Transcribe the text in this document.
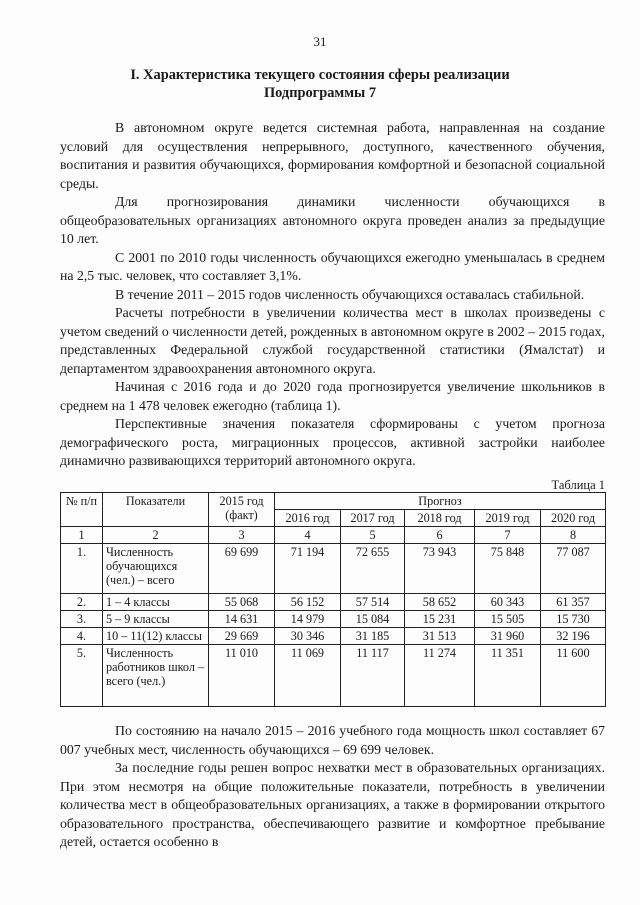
31
I. Характеристика текущего состояния сферы реализации
Подпрограммы 7

В автономном округе ведется системная работа, направленная на создание условий для осуществления непрерывного, доступного, качественного обучения, воспитания и развития обучающихся, формирования комфортной и безопасной социальной среды.

Для прогнозирования динамики численности обучающихся в общеобразовательных организациях автономного округа проведен анализ за предыдущие 10 лет.

С 2001 по 2010 годы численность обучающихся ежегодно уменьшалась в среднем на 2,5 тыс. человек, что составляет 3,1%.

В течение 2011 – 2015 годов численность обучающихся оставалась стабильной.

Расчеты потребности в увеличении количества мест в школах произведены с учетом сведений о численности детей, рожденных в автономном округе в 2002 – 2015 годах, представленных Федеральной службой государственной статистики (Ямалстат) и департаментом здравоохранения автономного округа.

Начиная с 2016 года и до 2020 года прогнозируется увеличение школьников в среднем на 1 478 человек ежегодно (таблица 1).

Перспективные значения показателя сформированы с учетом прогноза демографического роста, миграционных процессов, активной застройки наиболее динамично развивающихся территорий автономного округа.

Таблица 1
№ п/п	Показатели	2015 год (факт)	Прогноз				
			2016 год	2017 год	2018 год	2019 год	2020 год
1	2	3	4	5	6	7	8
1.	Численность обучающихся (чел.) – всего	69 699	71 194	72 655	73 943	75 848	77 087
2.	1 – 4 классы	55 068	56 152	57 514	58 652	60 343	61 357
3.	5 – 9 классы	14 631	14 979	15 084	15 231	15 505	15 730
4.	10 – 11(12) классы	29 669	30 346	31 185	31 513	31 960	32 196
5.	Численность работников школ – всего (чел.)	11 010	11 069	11 117	11 274	11 351	11 600

По состоянию на начало 2015 – 2016 учебного года мощность школ составляет 67 007 учебных мест, численность обучающихся – 69 699 человек.

За последние годы решен вопрос нехватки мест в образовательных организациях. При этом несмотря на общие положительные показатели, потребность в увеличении количества мест в общеобразовательных организациях, а также в формировании открытого образовательного пространства, обеспечивающего развитие и комфортное пребывание детей, остается особенно в
